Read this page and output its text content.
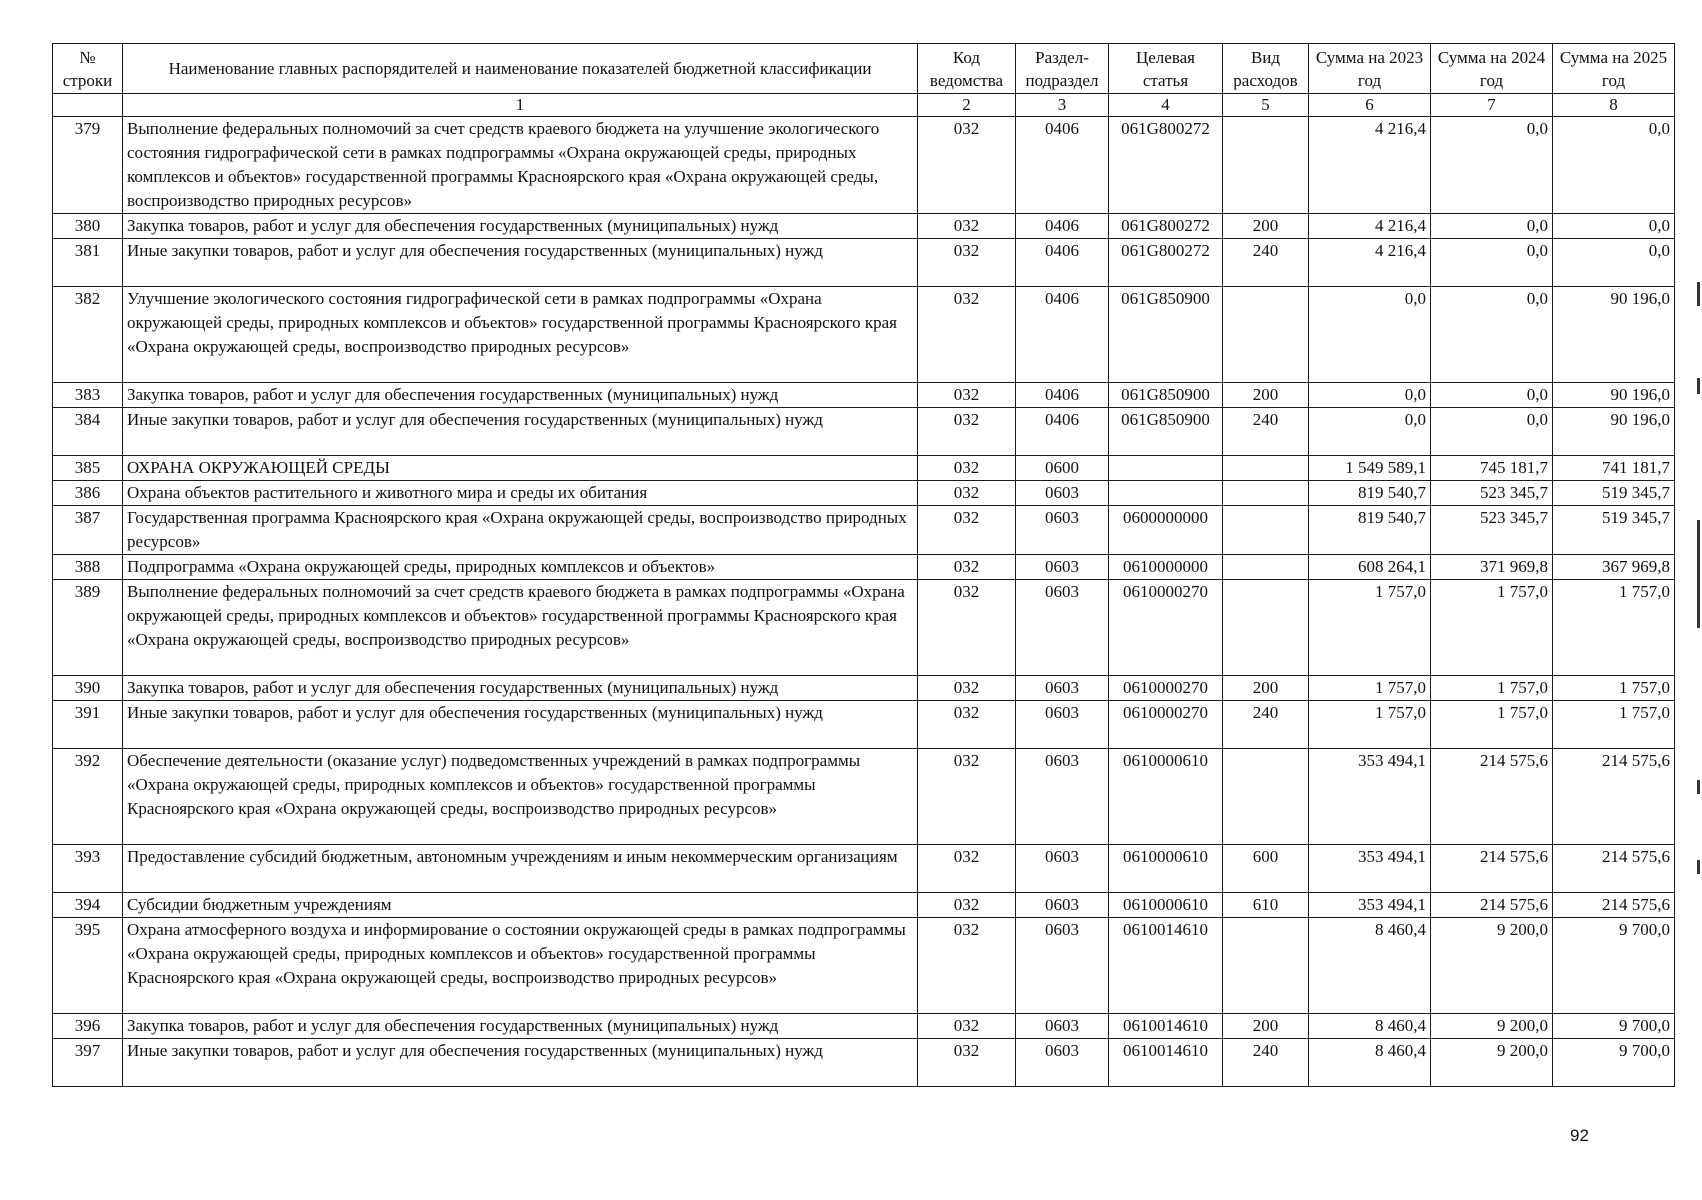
№ строки	Наименование главных распорядителей и наименование показателей бюджетной классификации	Код ведомства	Раздел-подраздел	Целевая статья	Вид расходов	Сумма на 2023 год	Сумма на 2024 год	Сумма на 2025 год
	1	2	3	4	5	6	7	8
379	Выполнение федеральных полномочий за счет средств краевого бюджета на улучшение экологического состояния гидрографической сети в рамках подпрограммы «Охрана окружающей среды, природных комплексов и объектов» государственной программы Красноярского края «Охрана окружающей среды, воспроизводство природных ресурсов»	032	0406	061G800272		4 216,4	0,0	0,0
380	Закупка товаров, работ и услуг для обеспечения государственных (муниципальных) нужд	032	0406	061G800272	200	4 216,4	0,0	0,0
381	Иные закупки товаров, работ и услуг для обеспечения государственных (муниципальных) нужд	032	0406	061G800272	240	4 216,4	0,0	0,0
382	Улучшение экологического состояния гидрографической сети в рамках подпрограммы «Охрана окружающей среды, природных комплексов и объектов» государственной программы Красноярского края «Охрана окружающей среды, воспроизводство природных ресурсов»	032	0406	061G850900		0,0	0,0	90 196,0
383	Закупка товаров, работ и услуг для обеспечения государственных (муниципальных) нужд	032	0406	061G850900	200	0,0	0,0	90 196,0
384	Иные закупки товаров, работ и услуг для обеспечения государственных (муниципальных) нужд	032	0406	061G850900	240	0,0	0,0	90 196,0
385	ОХРАНА ОКРУЖАЮЩЕЙ СРЕДЫ	032	0600			1 549 589,1	745 181,7	741 181,7
386	Охрана объектов растительного и животного мира и среды их обитания	032	0603			819 540,7	523 345,7	519 345,7
387	Государственная программа Красноярского края «Охрана окружающей среды, воспроизводство природных ресурсов»	032	0603	0600000000		819 540,7	523 345,7	519 345,7
388	Подпрограмма «Охрана окружающей среды, природных комплексов и объектов»	032	0603	0610000000		608 264,1	371 969,8	367 969,8
389	Выполнение федеральных полномочий за счет средств краевого бюджета в рамках подпрограммы «Охрана окружающей среды, природных комплексов и объектов» государственной программы Красноярского края «Охрана окружающей среды, воспроизводство природных ресурсов»	032	0603	0610000270		1 757,0	1 757,0	1 757,0
390	Закупка товаров, работ и услуг для обеспечения государственных (муниципальных) нужд	032	0603	0610000270	200	1 757,0	1 757,0	1 757,0
391	Иные закупки товаров, работ и услуг для обеспечения государственных (муниципальных) нужд	032	0603	0610000270	240	1 757,0	1 757,0	1 757,0
392	Обеспечение деятельности (оказание услуг) подведомственных учреждений в рамках подпрограммы «Охрана окружающей среды, природных комплексов и объектов» государственной программы Красноярского края «Охрана окружающей среды, воспроизводство природных ресурсов»	032	0603	0610000610		353 494,1	214 575,6	214 575,6
393	Предоставление субсидий бюджетным, автономным учреждениям и иным некоммерческим организациям	032	0603	0610000610	600	353 494,1	214 575,6	214 575,6
394	Субсидии бюджетным учреждениям	032	0603	0610000610	610	353 494,1	214 575,6	214 575,6
395	Охрана атмосферного воздуха и информирование о состоянии окружающей среды в рамках подпрограммы «Охрана окружающей среды, природных комплексов и объектов» государственной программы Красноярского края «Охрана окружающей среды, воспроизводство природных ресурсов»	032	0603	0610014610		8 460,4	9 200,0	9 700,0
396	Закупка товаров, работ и услуг для обеспечения государственных (муниципальных) нужд	032	0603	0610014610	200	8 460,4	9 200,0	9 700,0
397	Иные закупки товаров, работ и услуг для обеспечения государственных (муниципальных) нужд	032	0603	0610014610	240	8 460,4	9 200,0	9 700,0
92
